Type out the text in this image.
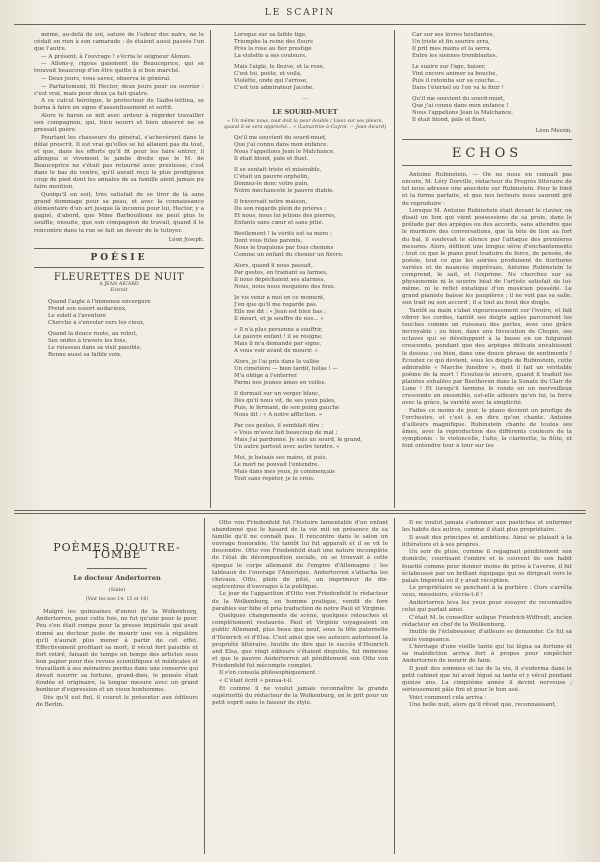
LE SCAPIN

même, au-delà de soi, saturé de l'odeur des naïrs, ne le cédait en rien à son camarade : ils étaient aussi passés l'un que l'autre.

— A présent, à l'ouvrage ! s'écria le seigneur Alonzo.

— Allons-y, rigous gaiement de Beauceprice, qui se trouvait beaucoup d'en être quitte à si bon marché.

— Deux jours, vous savez, observa le général.

— Parfaitement, fit Hector, deux jours pour ou ouvrier ; c'est vrai, mais pour deux ça fait quatre.

A ce calcul héroïque, le protecteur de Gaibo-lettina, se borna à faire un signe d'assentissement et sortit.

Alors le baron se mit avec ardeur à régirder travailler son compagnon, qui, bien nourri et bien observé ne se pressait guère.

Pourtant les chasseurs du général, s'achevèrent dans le délai prescrit. Il est vrai qu'elles se lui allaient pas du tout, et que, dans les efforts qu'il fit pour les faire entrer, il allongea si vivement le jambe droite que le M. de Beauceprice ne s'était pas retourné avec prestesse, c'est dans le bas du ventre, qu'il aurait reçu le plus prodigieux coup de pied dont les annales de sa famille aient jamais pu faire mention.

Quoiqu'il en soit, très satisfait de se tirer de là sans grand dommage pour sa peau, et avec la connaissance élémentaire d'un art jusque là inconnu pour lui, Hector, y a gagné, d'abord, que Mme Barbouillons ne peut plus le souffle, ensuite, que son compagnon de travail, quand il le rencontre dans la rue se fait un devoir de le tutoyer.

Léon Joseph.
POÉSIE
FLEURETTES DE NUIT
A JEAN AICARD
Extrait
Quand l'aigle à l'immense envergure
Prend son essort audacieux,
Le soleil à l'aventure
Cherche à s'envoler vers les cieux,
Quand la douce route, au rebut,
Ses ondes à travers les bois,
Le ruisseau dans sa visit paisible,
Ronne aussi sa faible voix.
Lorsque sur sa faible tige,
Triomphe la reine des fleurs
Près la rose au fier prestige
La violette a ses couleurs.
Mais l'aigle, le fleuve, et la rose,
C'est toi, poète, et voilà,
Violette, onde qui l'arrose,
C'est ton admirateur Jacobé.
—
LE SOURD-MUET
« Un même nous, tout doit la peur double / Lisez sur ses pleurs, quand il se sera approché... » (Lamartine-à-Cayrol. — Jean Aicard)
Qu'il me souvient du sourd-muet,
Que j'ai connu dans mon enfance.
Nous l'appelions Jean le Malchance,
Il était blond, pâle et fluet.
Il se sentait triste et misérable,
C'était un pauvre orphelin,
Donnez-le donc votre pain,
Notre méchanceté le pauvre diable.
Il traversait notre maison,
Du son regards plein de prières ;
Et nous, nous lui jetions des pierres,
Enfants sans cœur et sans pitié.
Réellement ! la vérité est sa mère ;
Dont vous fûtes parents,
Nous le traquions par tous chemins
Comme un enfant du chenier un fiévre.
Alors, quand il nous passait,
Par gestes, en trainant sa larmes,
Il nous dépêchaient ses alarmes,
Nous, nous nous moquions des fous.
Je vis venir à moi en ce moment,
J'en que qu'il me regarde pas.
Elle me dit : « Jean est bien bas ;
Il meurt, et je souffre de nos... »
« Il n'a plus personne à souffrir,
Le pauvre enfant ! il se résigne,
Mais il m'a demandé par signe,
A vous voir avant de mourir. »
Alors, je l'ai pris dans la vallée
Un cimetière — bien tardif, hélas ! —
M'a obligé à l'enterrer.
Parmi nos jeunes âmes en voilée.
Il dormait sur un verger blanc,
Dès qu'il nous vit, de ses yeux pâles,
Puis, le fermant, de son poing gauche
Nous dit : « A notre affliction. »
Par ces gestes, il semblait dire :
« Vous m'avez fait beaucoup de mal ;
Mais j'ai pardonné. Je suis un sourd, le grand,
Un autre partout avec autre tendre. »
Moi, je baisais ses mains, et puis,
Le mort ne pouvait l'entendre.
Mais dans mes yeux, je commençais
Tout sans répéter, je le crois.
Car sur ses lèvres hésitantes,
Un triste et fin sourire erra,
Il prit mes mains et la serra,
Entre les siennes tremblantes.
Le suaire sur l'âge, baiser,
Vint encore animer sa bouche,
Puis il retomba sur sa couche...
Dans l'éternel où l'on va le finir !
Qu'il me souvient du sourd-muet,
Que j'ai connu dans mon enfance !
Nous l'appelions Jean la Malchance,
Il était blond, pâle et fluet.
Léon Messin.
ECHOS

Antoine Rubinstein. — On ne nous en connaît pas encore, M. Léry Dorville, rédacteur du Progrès littéraire de tel nous adresse une anecdote sur Rubinstein. Pour le fond et la forme parfaite, et que nos lecteurs nous sauront gré de reproduire :

Lorsque M. Antoine Rubinstein était devant le clavier, on disait un lion qui vient possessions de sa proie, dans le prélude par des arpèges ou des accords, sans attendre que le murmure des conversations, que la tête de lion au fort du bal, il soulevait le silence par l'attaque des premières mesures. Alors, défilent une longue série d'enchantements ; tout ce que le piano peut traduire de force, de pensée, de poésie, tout ce que les soirées produisent de fioritures variées et de nuances imprévues, Antoine Rubinstein le comprend, le sait, et l'exprime. Ne cherchez sur sa physionomie ni le sourire béat de l'artiste satisfait de lui-même, ni le reflet extatique d'un musicien possédé. Le grand pianiste baisse les paupières ; il ne voit pas sa salle, son trait ou son accord ; il a tout au bout des doigts.

Tantôt sa main s'abat vigoureusement sur l'ivoire, et fait vibrer les cordes, tantôt ses doigts agiles parcourent les touches comme un ruisseau des perles, avec une grâce incroyable ; ou bien, dans une Invocation de Chopin, ses octaves qui se développent à la basse en un fulgurant crescendo, pendant que des arpèges délicats envahissent le dessus ; ou bien, dans une douce phrase de sentiments ! Ecoutez ce qui devient, sous les doigts de Rubinstein, cette admirable « Marche funèbre », dont il fait un véritable poème de la mort ! Ecoutez-le encore, quand il traduit les plaintes exhalées par Beethoven dans la Sonate du Clair de Lune ! Et lorsqu'il termine le rondo en un merveilleux crescendo un ensemble, est-elle ailleurs qu'en lui, la force avec la grâce, la variété avec la simplicité.

Faites ce moins de jour, le piano devient un prodige de l'orchestre, et c'est à en dire qu'on chante. Antoine d'ailleurs magnifique. Rubinstein chante de toutes ses âmes, avec la reproduction des différents couleurs de la symphonie : le violoncelle, l'alto, la clarinette, la flûte, et font entendre tour à tour sur les

POÈMES D'OUTRE-TOMBE
Le docteur Andertorren
(Suite)
(Voir les nos 14, 15 et 16)

Malgré les quinzaines d'ennui de la Wolkenburg, Andertorren, pour cette fois, ne fut qu'une pour le peur. Peu s'en était rompu pour la presse impériale qui avait donné au docteur juste de mourir une vie à régalière qu'il n'aurait plus mener à partir de cet effet. Effectivement profitant sa mort, il vécut fort paisible et fort retiré, faisant de temps en temps des articles sous bon papier pour des revues scientifiques et médicales et travaillant à ses mémoires perdus dans une conserve qui devait nourrir sa fortune, grand-dieu, le pensée était fondée et originaire, la longue mesure avec un grand bonheur d'expression et un vieux bonhomme.

Dès qu'il eut fini, il courut le présenter aux éditeurs de Berlin.

Otto von Friedenfeld fut l'histoire lamentable d'un enfant abandonné que le hasard de la vie mit en présence de sa famille qu'il ne connaît pas. Il rencontre dans le salon un ouvrage honorable. Un tantôt lui fut apparaît et il se vit le descendre. Otto von Friedenfeld était une nature incomplète de l'état de décomposition sociale, où se trouvait à cette époque le corps allemand de l'empire d'Allemagne ; les tableaux de l'ouvrage l'Amérique. Andertorren s'attacha les chevaux. Otto, plein de pitié, un imprimeur de dix-septcentres d'ouvrages à la publique.

Le jour de l'apparition d'Otto von Friedenfeld le rédacteur de la Wolkenburg, en homme pratique, vendit de fore parables sur bibe et pria traduction de notre Paul et Virginie.

Quelques changements de scène, quelques retouches et complètement restaurée. Paul et Virginie voyageaient en public Allemand, plus beau que neuf, sous la tête paternelle d'Heinrich et d'Elsa. C'est ainsi que ses auteurs autorisent la propriété littéraire, Inutile de dire que le succès d'Heinrich and Elsa, que vingt éditeurs s'étaient disputés, fut immense et que le pauvre Andertorren ait péniblement son Otto von Friedenfeld fut mécompte complet.

Il s'en consola philosophiquement :

« C'était écrit » pensa-t-il.

Et comme il ne voulut jamais reconnaître la grande supériorité du rédacteur de la Wolkenburg, on le prit pour un petit esprit sans le faiseur de style.

Il ne voulut jamais s'adonner aux pastiches et enfermer les habits des autres, comme il était plus propriétaire.

Il avait des principes et ambitions. Ainsi se plaisait à la littérature et à ses propres.

Un soir de pluie, comme il regagnait péniblement son domicile, courtisant l'ombre et le couvent de son habit fouetté comme pour donner moins de prise à l'averse, il fut éclaboussé par un brillant équipage qui se dirigeait vers le palais Impérial où il y avait réception.

Le propriétaire se penchant à la portière : Ours s'arrêta vous, messieurs, s'écria-t-il !

Andertorren leva les yeux pour essayer de reconnaître celui qui parlait ainsi.

C'était M. le conseiller aulique Friedrich-Wiffredt, ancien rédacteur en chef de la Wolkenburg.

Inutile de l'éclabousser, d'ailleurs se demander. Ce fut sa seule vengeance.

L'héritage d'une vieille tante qui lui légua sa fortune et sa malédiction arriva fort à propos pour empêcher Andertorren de mourir de faim.

Il jouit des sommes et las de la vie, il s'enferma dans le petit cabinet que lui avait légué sa tante et y vécut pendant quinze ans. La cinquième année il devint nerveuse ; sérieusement pâle fini et pour le bon usé.

Voici comment cela arriva :

Une belle nuit, alors qu'il rêvait que, reconnaissant,
